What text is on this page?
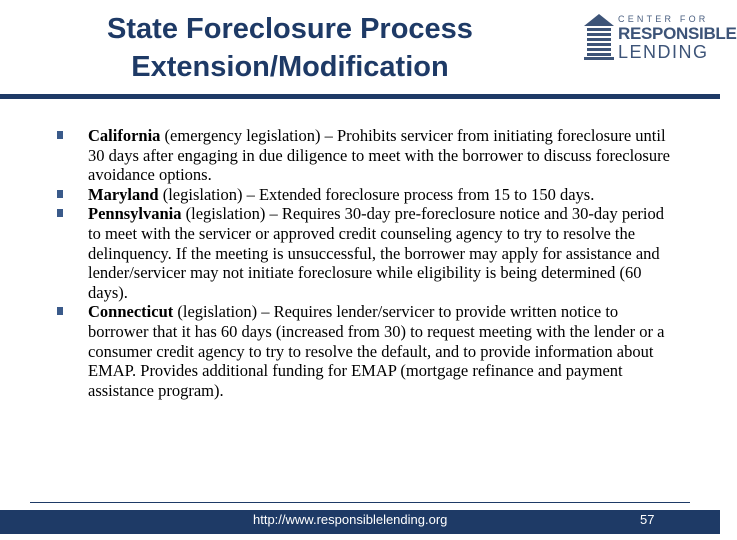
State Foreclosure Process
Extension/Modification
CENTER FOR
RESPONSIBLE
LENDING
California (emergency legislation) – Prohibits servicer from initiating foreclosure until 30 days after engaging in due diligence to meet with the borrower to discuss foreclosure avoidance options.
Maryland (legislation) – Extended foreclosure process from 15 to 150 days.
Pennsylvania (legislation) – Requires 30-day pre-foreclosure notice and 30-day period to meet with the servicer or approved credit counseling agency to try to resolve the delinquency. If the meeting is unsuccessful, the borrower may apply for assistance and lender/servicer may not initiate foreclosure while eligibility is being determined (60 days).
Connecticut (legislation) – Requires lender/servicer to provide written notice to borrower that it has 60 days (increased from 30) to request meeting with the lender or a consumer credit agency to try to resolve the default, and to provide information about EMAP. Provides additional funding for EMAP (mortgage refinance and payment assistance program).
http://www.responsiblelending.org	57
